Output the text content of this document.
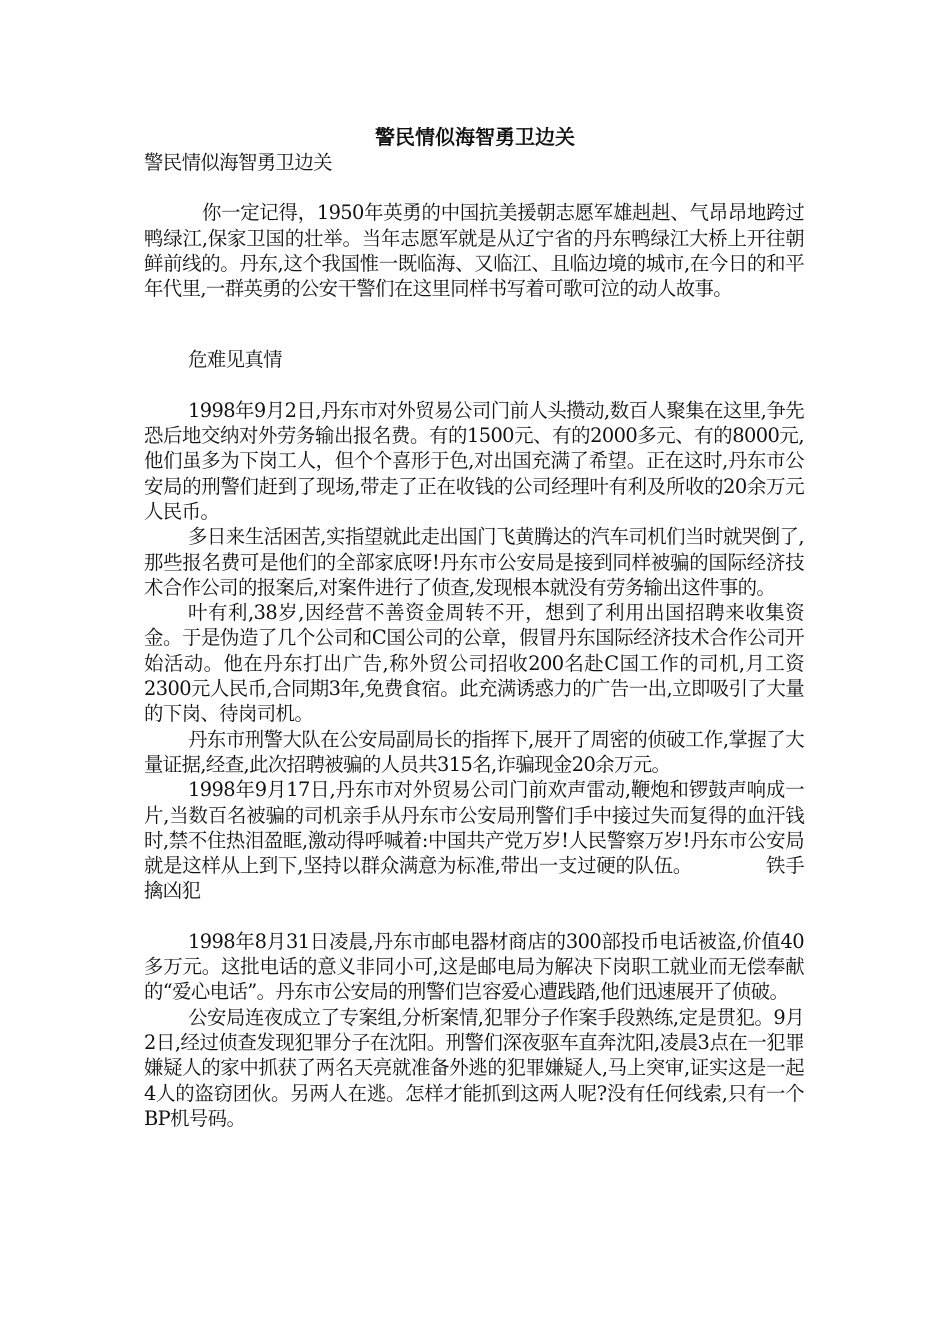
警民情似海智勇卫边关

警民情似海智勇卫边关

你一定记得，1950年英勇的中国抗美援朝志愿军雄赳赳、气昂昂地跨过鸭绿江,保家卫国的壮举。当年志愿军就是从辽宁省的丹东鸭绿江大桥上开往朝鲜前线的。丹东,这个我国惟一既临海、又临江、且临边境的城市,在今日的和平年代里,一群英勇的公安干警们在这里同样书写着可歌可泣的动人故事。

危难见真情

1998年9月2日,丹东市对外贸易公司门前人头攒动,数百人聚集在这里,争先恐后地交纳对外劳务输出报名费。有的1500元、有的2000多元、有的8000元,他们虽多为下岗工人，但个个喜形于色,对出国充满了希望。正在这时,丹东市公安局的刑警们赶到了现场,带走了正在收钱的公司经理叶有利及所收的20余万元人民币。

多日来生活困苦,实指望就此走出国门飞黄腾达的汽车司机们当时就哭倒了,那些报名费可是他们的全部家底呀!丹东市公安局是接到同样被骗的国际经济技术合作公司的报案后,对案件进行了侦查,发现根本就没有劳务输出这件事的。

叶有利,38岁,因经营不善资金周转不开，想到了利用出国招聘来收集资金。于是伪造了几个公司和C国公司的公章，假冒丹东国际经济技术合作公司开始活动。他在丹东打出广告,称外贸公司招收200名赴C国工作的司机,月工资2300元人民币,合同期3年,免费食宿。此充满诱惑力的广告一出,立即吸引了大量的下岗、待岗司机。

丹东市刑警大队在公安局副局长的指挥下,展开了周密的侦破工作,掌握了大量证据,经查,此次招聘被骗的人员共315名,诈骗现金20余万元。

1998年9月17日,丹东市对外贸易公司门前欢声雷动,鞭炮和锣鼓声响成一片,当数百名被骗的司机亲手从丹东市公安局刑警们手中接过失而复得的血汗钱时,禁不住热泪盈眶,激动得呼喊着:中国共产党万岁!人民警察万岁!丹东市公安局就是这样从上到下,坚持以群众满意为标准,带出一支过硬的队伍。	铁手擒凶犯

1998年8月31日凌晨,丹东市邮电器材商店的300部投币电话被盗,价值40多万元。这批电话的意义非同小可,这是邮电局为解决下岗职工就业而无偿奉献的“爱心电话”。丹东市公安局的刑警们岂容爱心遭践踏,他们迅速展开了侦破。

公安局连夜成立了专案组,分析案情,犯罪分子作案手段熟练,定是贯犯。9月2日,经过侦查发现犯罪分子在沈阳。刑警们深夜驱车直奔沈阳,凌晨3点在一犯罪嫌疑人的家中抓获了两名天亮就准备外逃的犯罪嫌疑人,马上突审,证实这是一起4人的盗窃团伙。另两人在逃。怎样才能抓到这两人呢?没有任何线索,只有一个BP机号码。
